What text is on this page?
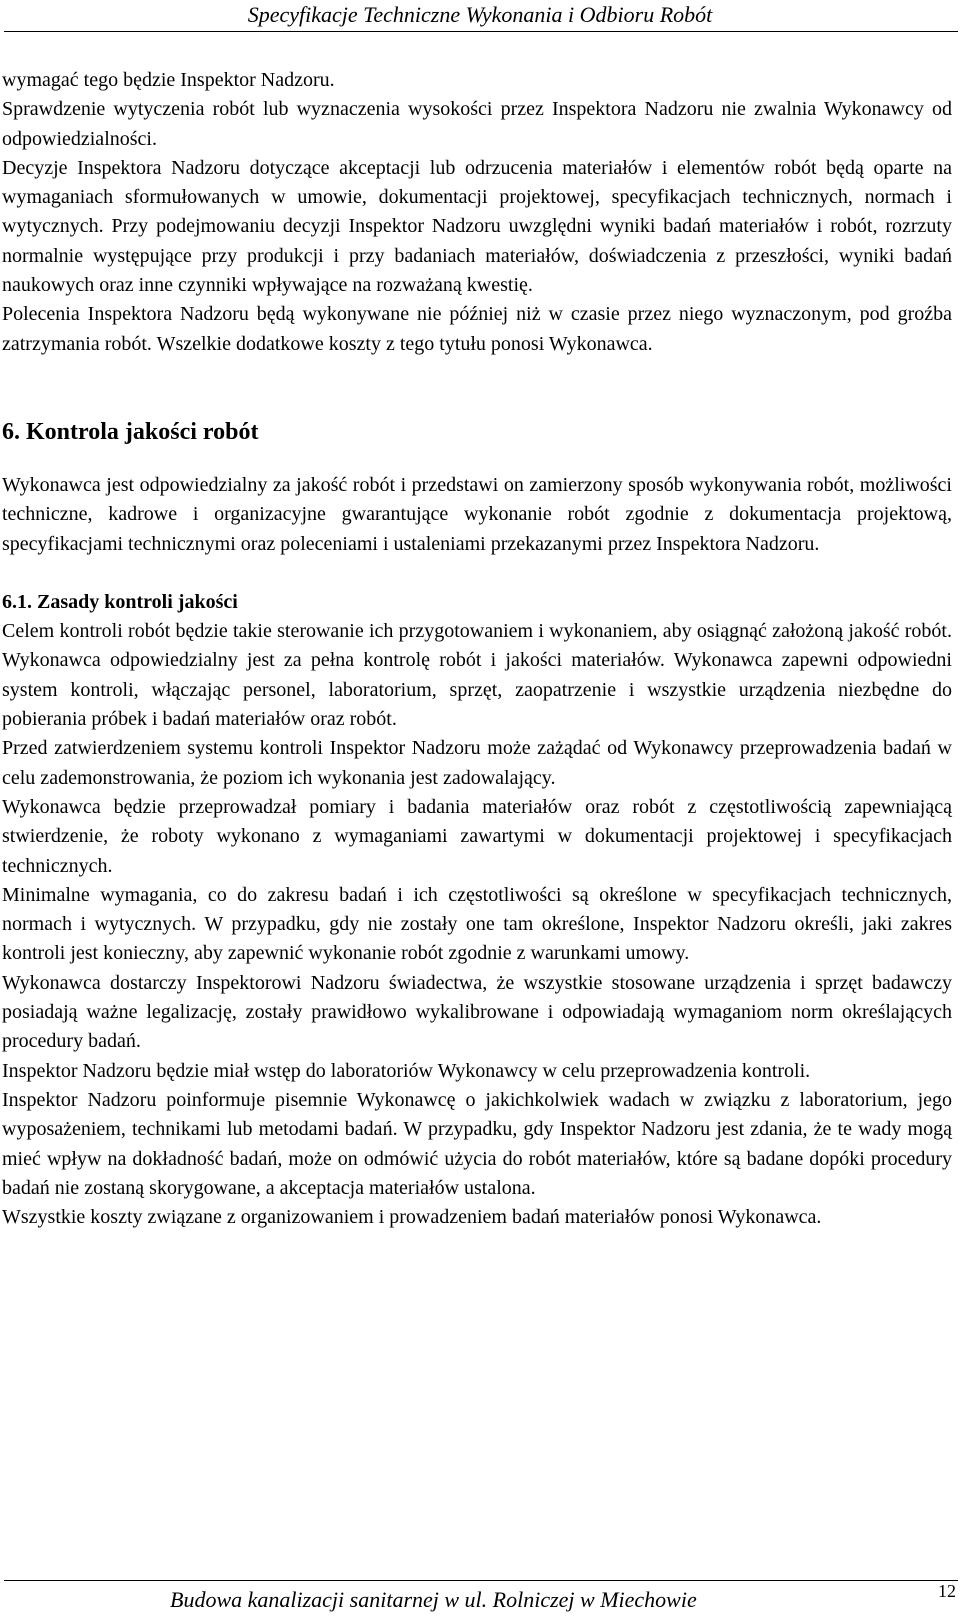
Specyfikacje Techniczne Wykonania i Odbioru Robót

wymagać tego będzie Inspektor Nadzoru.

Sprawdzenie wytyczenia robót lub wyznaczenia wysokości przez Inspektora Nadzoru nie zwalnia Wykonawcy od odpowiedzialności.

Decyzje Inspektora Nadzoru dotyczące akceptacji lub odrzucenia materiałów i elementów robót będą oparte na wymaganiach sformułowanych w umowie, dokumentacji projektowej, specyfikacjach technicznych, normach i wytycznych. Przy podejmowaniu decyzji Inspektor Nadzoru uwzględni wyniki badań materiałów i robót, rozrzuty normalnie występujące przy produkcji i przy badaniach materiałów, doświadczenia z przeszłości, wyniki badań naukowych oraz inne czynniki wpływające na rozważaną kwestię.

Polecenia Inspektora Nadzoru będą wykonywane nie później niż w czasie przez niego wyznaczonym, pod groźba zatrzymania robót. Wszelkie dodatkowe koszty z tego tytułu ponosi Wykonawca.

6. Kontrola jakości robót

Wykonawca jest odpowiedzialny za jakość robót i przedstawi on zamierzony sposób wykonywania robót, możliwości techniczne, kadrowe i organizacyjne gwarantujące wykonanie robót zgodnie z dokumentacja projektową, specyfikacjami technicznymi oraz poleceniami i ustaleniami przekazanymi przez Inspektora Nadzoru.

6.1. Zasady kontroli jakości

Celem kontroli robót będzie takie sterowanie ich przygotowaniem i wykonaniem, aby osiągnąć założoną jakość robót. Wykonawca odpowiedzialny jest za pełna kontrolę robót i jakości materiałów. Wykonawca zapewni odpowiedni system kontroli, włączając personel, laboratorium, sprzęt, zaopatrzenie i wszystkie urządzenia niezbędne do pobierania próbek i badań materiałów oraz robót.

Przed zatwierdzeniem systemu kontroli Inspektor Nadzoru może zażądać od Wykonawcy przeprowadzenia badań w celu zademonstrowania, że poziom ich wykonania jest zadowalający.

Wykonawca będzie przeprowadzał pomiary i badania materiałów oraz robót z częstotliwością zapewniającą stwierdzenie, że roboty wykonano z wymaganiami zawartymi w dokumentacji projektowej i specyfikacjach technicznych.

Minimalne wymagania, co do zakresu badań i ich częstotliwości są określone w specyfikacjach technicznych, normach i wytycznych. W przypadku, gdy nie zostały one tam określone, Inspektor Nadzoru określi, jaki zakres kontroli jest konieczny, aby zapewnić wykonanie robót zgodnie z warunkami umowy.

Wykonawca dostarczy Inspektorowi Nadzoru świadectwa, że wszystkie stosowane urządzenia i sprzęt badawczy posiadają ważne legalizację, zostały prawidłowo wykalibrowane i odpowiadają wymaganiom norm określających procedury badań.

Inspektor Nadzoru będzie miał wstęp do laboratoriów Wykonawcy w celu przeprowadzenia kontroli.

Inspektor Nadzoru poinformuje pisemnie Wykonawcę o jakichkolwiek wadach w związku z laboratorium, jego wyposażeniem, technikami lub metodami badań. W przypadku, gdy Inspektor Nadzoru jest zdania, że te wady mogą mieć wpływ na dokładność badań, może on odmówić użycia do robót materiałów, które są badane dopóki procedury badań nie zostaną skorygowane, a akceptacja materiałów ustalona.

Wszystkie koszty związane z organizowaniem i prowadzeniem badań materiałów ponosi Wykonawca.

Budowa kanalizacji sanitarnej w ul. Rolniczej w Miechowie	12
